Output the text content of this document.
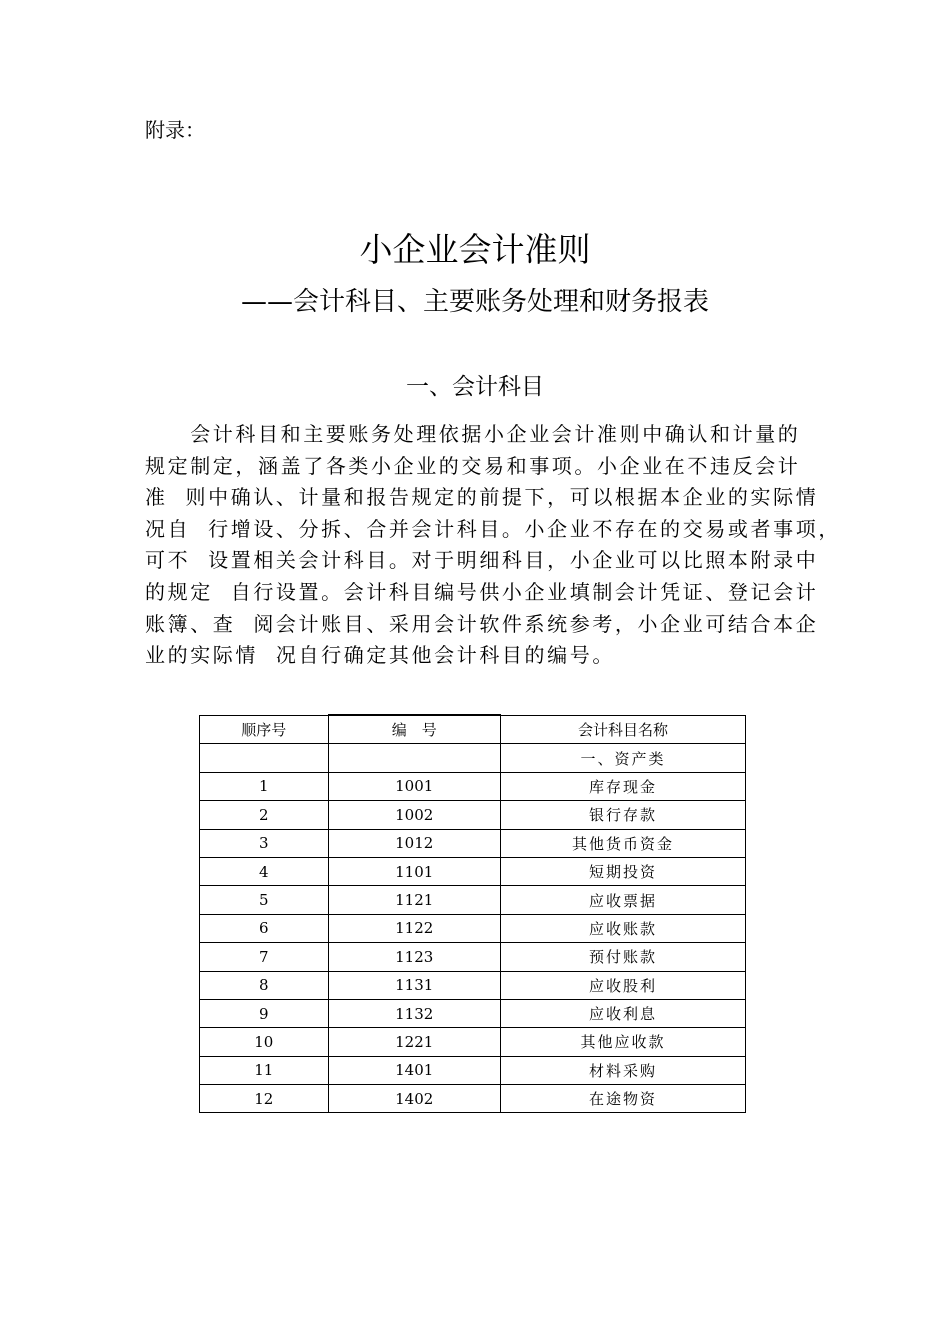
附录：
小企业会计准则
——会计科目、主要账务处理和财务报表
一、会计科目
　　会计科目和主要账务处理依据小企业会计准则中确认和计量的
规定制定，涵盖了各类小企业的交易和事项。小企业在不违反会计
准  则中确认、计量和报告规定的前提下，可以根据本企业的实际情
况自  行增设、分拆、合并会计科目。小企业不存在的交易或者事项，
可不  设置相关会计科目。对于明细科目，小企业可以比照本附录中
的规定  自行设置。会计科目编号供小企业填制会计凭证、登记会计
账簿、查  阅会计账目、采用会计软件系统参考，小企业可结合本企
业的实际情  况自行确定其他会计科目的编号。
顺序号	编　号	会计科目名称
		一、资产类
1	1001	库存现金
2	1002	银行存款
3	1012	其他货币资金
4	1101	短期投资
5	1121	应收票据
6	1122	应收账款
7	1123	预付账款
8	1131	应收股利
9	1132	应收利息
10	1221	其他应收款
11	1401	材料采购
12	1402	在途物资
